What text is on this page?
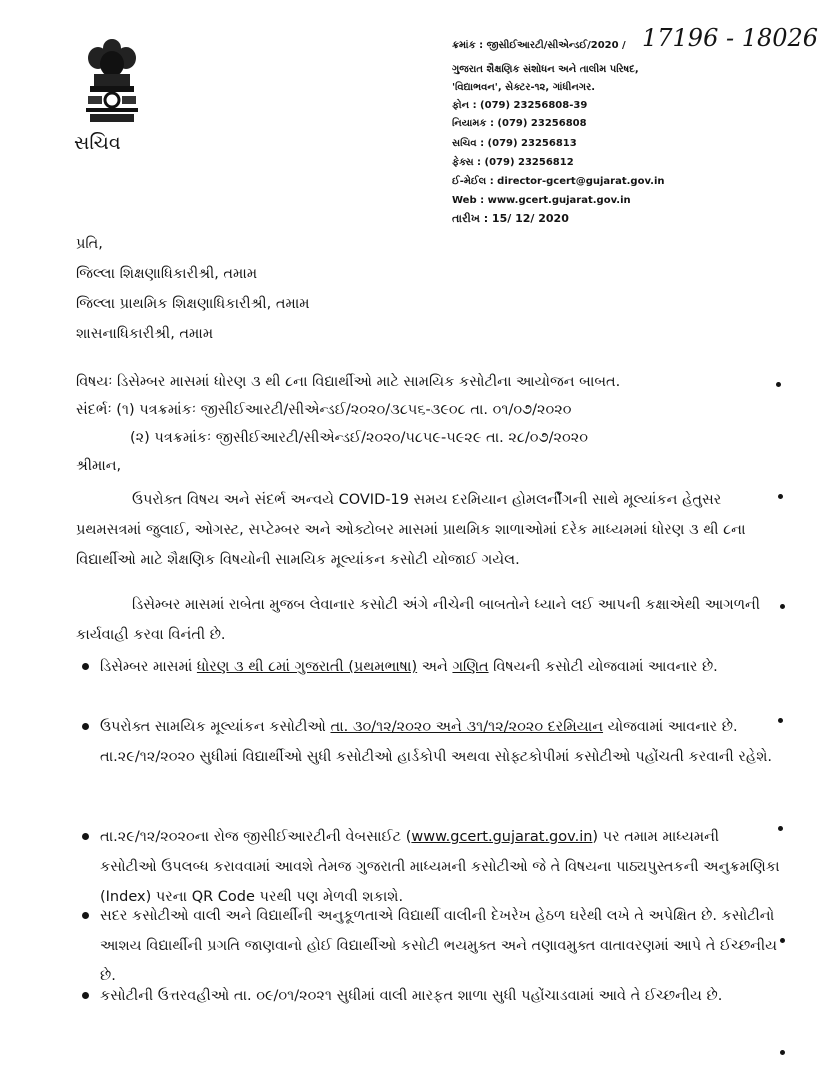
સચિવ
ક્રમાંક : જીસીઈઆરટી/સીએન્ડઈ/2020 / 17196 - 18026
ગુજરાત શૈક્ષણિક સંશોધન અને તાલીમ પરિષદ,
'વિદ્યાભવન', સેક્ટર-૧૨, ગાંધીનગર.
ફોન : (079) 23256808-39
નિયામક : (079) 23256808
સચિવ : (079) 23256813
ફેક્સ : (079) 23256812
ઈ-મેઈલ : director-gcert@gujarat.gov.in
Web : www.gcert.gujarat.gov.in
તારીખ : 15/ 12/ 2020
પ્રતિ,
જિલ્લા શિક્ષણાધિકારીશ્રી, તમામ
જિલ્લા પ્રાથમિક શિક્ષણાધિકારીશ્રી, તમામ
શાસનાધિકારીશ્રી, તમામ
વિષયઃ ડિસેમ્બર માસમાં ધોરણ ૩ થી ૮ના વિદ્યાર્થીઓ માટે સામયિક કસોટીના આયોજન બાબત.
સંદર્ભઃ (૧) પત્રક્રમાંકઃ જીસીઈઆરટી/સીએન્ડઈ/૨૦૨૦/૩૮૫૬-૩૯૦૮ તા. ૦૧/૦૭/૨૦૨૦
(૨) પત્રક્રમાંકઃ જીસીઈઆરટી/સીએન્ડઈ/૨૦૨૦/૫૮૫૯-૫૯૨૯ તા. ૨૮/૦૭/૨૦૨૦
શ્રીમાન,
ઉપરોક્ત વિષય અને સંદર્ભ અન્વયે COVID-19 સમય દરમિયાન હોમલર્નીંગની સાથે મૂલ્યાંકન હેતુસર પ્રથમસત્રમાં જુલાઈ, ઓગસ્ટ, સપ્ટેમ્બર અને ઓક્ટોબર માસમાં પ્રાથમિક શાળાઓમાં દરેક માધ્યમમાં ધોરણ ૩ થી ૮ના વિદ્યાર્થીઓ માટે શૈક્ષણિક વિષયોની સામયિક મૂલ્યાંકન કસોટી યોજાઈ ગયેલ.
ડિસેમ્બર માસમાં રાબેતા મુજબ લેવાનાર કસોટી અંગે નીચેની બાબતોને ધ્યાને લઈ આપની કક્ષાએથી આગળની કાર્યવાહી કરવા વિનંતી છે.
ડિસેમ્બર માસમાં ધોરણ ૩ થી ૮માં ગુજરાતી (પ્રથમભાષા) અને ગણિત વિષયની કસોટી યોજવામાં આવનાર છે.
ઉપરોક્ત સામયિક મૂલ્યાંકન કસોટીઓ તા. ૩૦/૧૨/૨૦૨૦ અને ૩૧/૧૨/૨૦૨૦ દરમિયાન યોજવામાં આવનાર છે. તા.૨૯/૧૨/૨૦૨૦ સુધીમાં વિદ્યાર્થીઓ સુધી કસોટીઓ હાર્ડકોપી અથવા સોફ્ટકોપીમાં કસોટીઓ પહોંચતી કરવાની રહેશે.
તા.૨૯/૧૨/૨૦૨૦ના રોજ જીસીઈઆરટીની વેબસાઈટ (www.gcert.gujarat.gov.in) પર તમામ માધ્યમની કસોટીઓ ઉપલબ્ધ કરાવવામાં આવશે તેમજ ગુજરાતી માધ્યમની કસોટીઓ જે તે વિષયના પાઠ્યપુસ્તકની અનુક્રમણિકા (Index) પરના QR Code પરથી પણ મેળવી શકાશે.
સદર કસોટીઓ વાલી અને વિદ્યાર્થીની અનુકૂળતાએ વિદ્યાર્થી વાલીની દેખરેખ હેઠળ ઘરેથી લખે તે અપેક્ષિત છે. કસોટીનો આશય વિદ્યાર્થીની પ્રગતિ જાણવાનો હોઈ વિદ્યાર્થીઓ કસોટી ભયમુક્ત અને તણાવમુક્ત વાતાવરણમાં આપે તે ઈચ્છનીય છે.
કસોટીની ઉત્તરવહીઓ તા. ૦૯/૦૧/૨૦૨૧ સુધીમાં વાલી મારફત શાળા સુધી પહોંચાડવામાં આવે તે ઈચ્છનીય છે.
